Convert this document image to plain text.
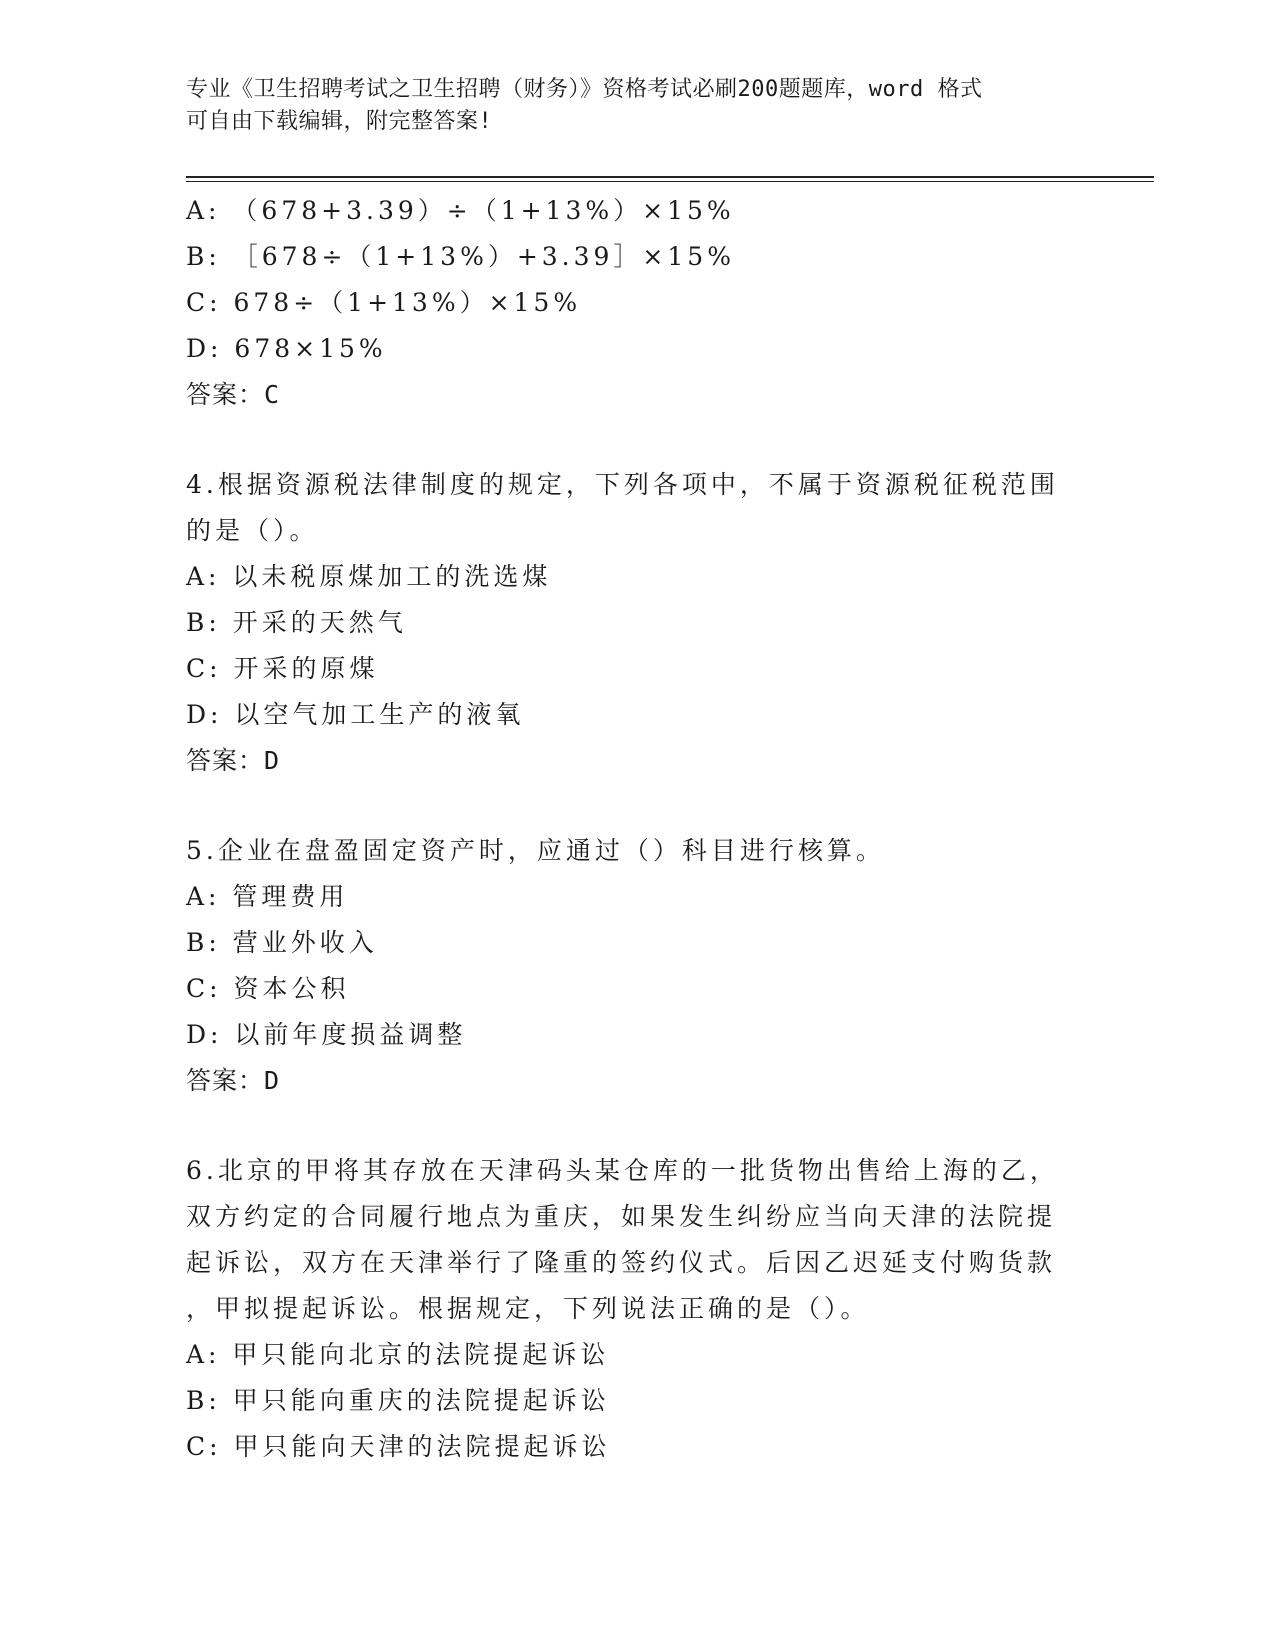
专业《卫生招聘考试之卫生招聘（财务）》资格考试必刷200题题库，word 格式

可自由下载编辑，附完整答案!

A: （678+3.39）÷（1+13%）×15%
B: ［678÷（1+13%）+3.39］×15%
C: 678÷（1+13%）×15%
D: 678×15%
答案：C
4.根据资源税法律制度的规定，下列各项中，不属于资源税征税范围
的是（）。
A: 以未税原煤加工的洗选煤
B: 开采的天然气
C: 开采的原煤
D: 以空气加工生产的液氧
答案：D
5.企业在盘盈固定资产时，应通过（）科目进行核算。
A: 管理费用
B: 营业外收入
C: 资本公积
D: 以前年度损益调整
答案：D
6.北京的甲将其存放在天津码头某仓库的一批货物出售给上海的乙，
双方约定的合同履行地点为重庆，如果发生纠纷应当向天津的法院提
起诉讼，双方在天津举行了隆重的签约仪式。后因乙迟延支付购货款
，甲拟提起诉讼。根据规定，下列说法正确的是（）。
A: 甲只能向北京的法院提起诉讼
B: 甲只能向重庆的法院提起诉讼
C: 甲只能向天津的法院提起诉讼
